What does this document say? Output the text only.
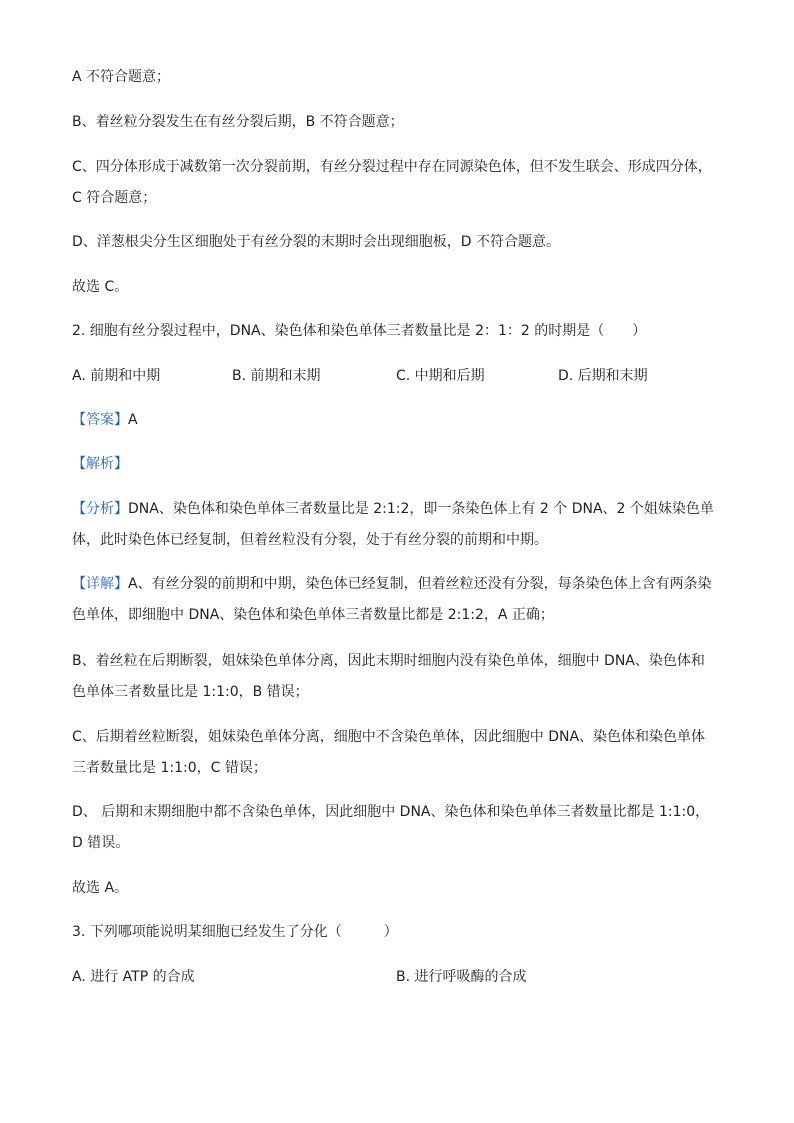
A 不符合题意；
B、着丝粒分裂发生在有丝分裂后期，B 不符合题意；
C、四分体形成于减数第一次分裂前期，有丝分裂过程中存在同源染色体，但不发生联会、形成四分体，
C 符合题意；
D、洋葱根尖分生区细胞处于有丝分裂的末期时会出现细胞板，D 不符合题意。
故选 C。
2. 细胞有丝分裂过程中，DNA、染色体和染色单体三者数量比是 2：1：2 的时期是（　　）
A. 前期和中期	B. 前期和末期	C. 中期和后期	D. 后期和末期
【答案】A
【解析】
【分析】DNA、染色体和染色单体三者数量比是 2:1:2，即一条染色体上有 2 个 DNA、2 个姐妹染色单
体，此时染色体已经复制，但着丝粒没有分裂，处于有丝分裂的前期和中期。
【详解】A、有丝分裂的前期和中期，染色体已经复制，但着丝粒还没有分裂，每条染色体上含有两条染
色单体，即细胞中 DNA、染色体和染色单体三者数量比都是 2:1:2，A 正确；
B、着丝粒在后期断裂，姐妹染色单体分离，因此末期时细胞内没有染色单体，细胞中 DNA、染色体和
色单体三者数量比是 1:1:0，B 错误；
C、后期着丝粒断裂，姐妹染色单体分离，细胞中不含染色单体，因此细胞中 DNA、染色体和染色单体
三者数量比是 1:1:0，C 错误；
D、 后期和末期细胞中都不含染色单体，因此细胞中 DNA、染色体和染色单体三者数量比都是 1:1:0，
D 错误。
故选 A。
3. 下列哪项能说明某细胞已经发生了分化（　　　）
A. 进行 ATP 的合成	B. 进行呼吸酶的合成
